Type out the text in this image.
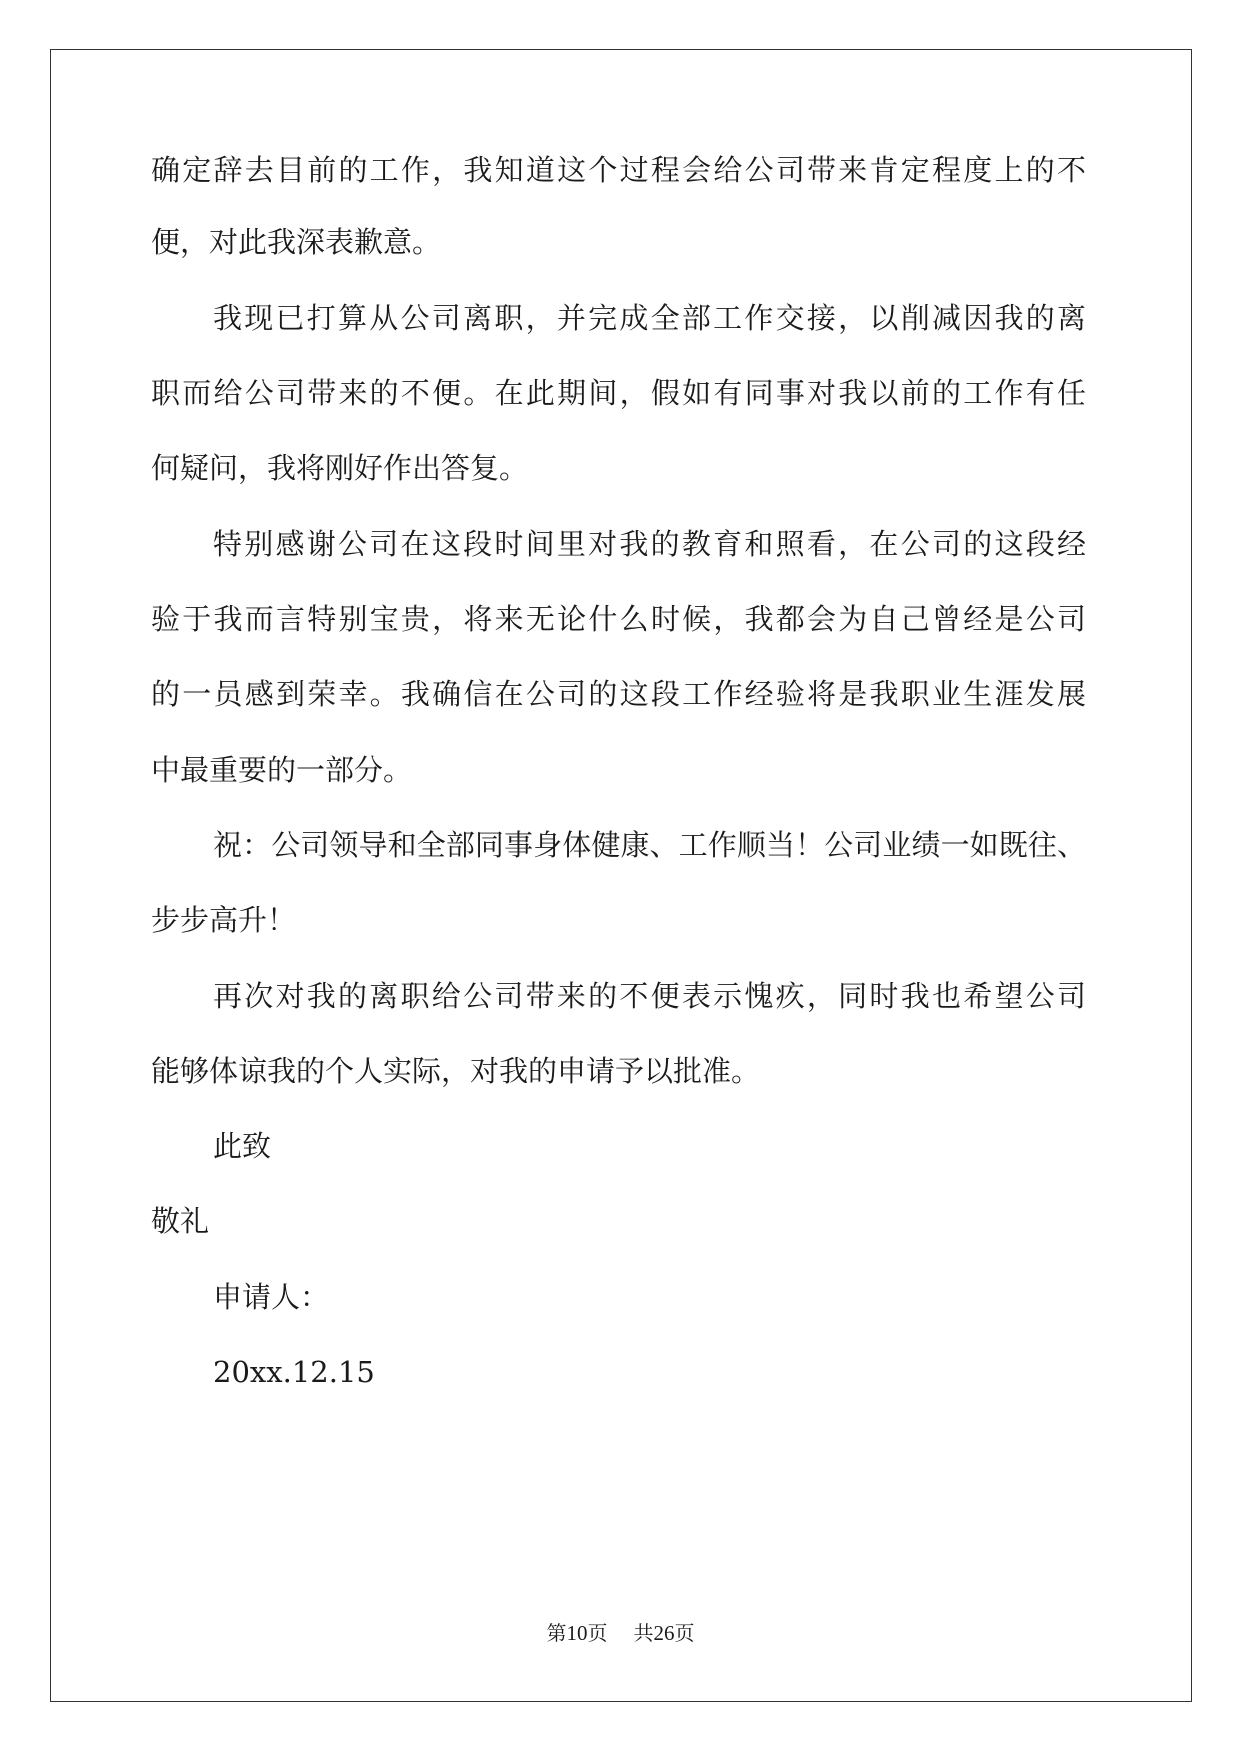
确定辞去目前的工作，我知道这个过程会给公司带来肯定程度上的不
便，对此我深表歉意。
我现已打算从公司离职，并完成全部工作交接，以削减因我的离
职而给公司带来的不便。在此期间，假如有同事对我以前的工作有任
何疑问，我将刚好作出答复。
特别感谢公司在这段时间里对我的教育和照看，在公司的这段经
验于我而言特别宝贵，将来无论什么时候，我都会为自己曾经是公司
的一员感到荣幸。我确信在公司的这段工作经验将是我职业生涯发展
中最重要的一部分。
祝：公司领导和全部同事身体健康、工作顺当！公司业绩一如既往、
步步高升！
再次对我的离职给公司带来的不便表示愧疚，同时我也希望公司
能够体谅我的个人实际，对我的申请予以批准。
此致
敬礼
申请人：
20xx.12.15
第10页 共26页
